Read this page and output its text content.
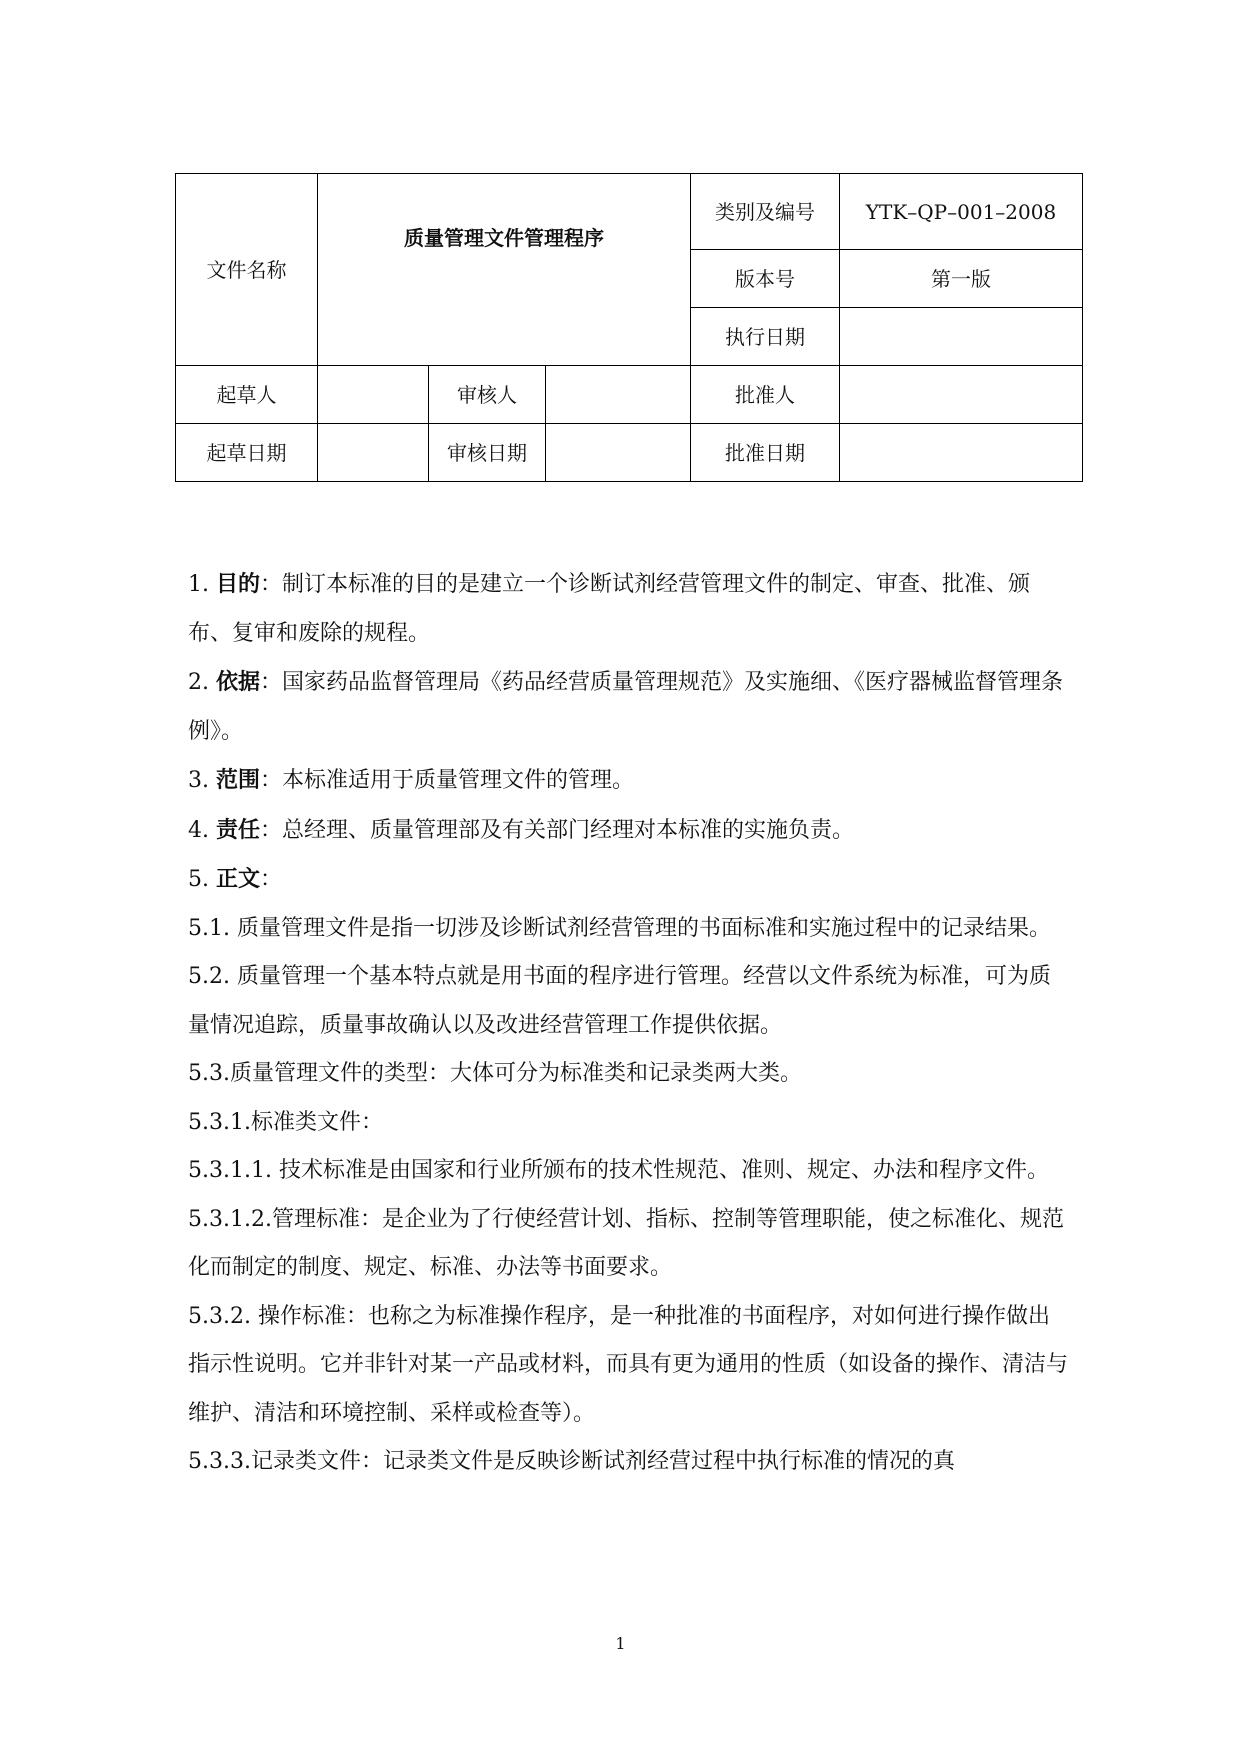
文件名称	质量管理文件管理程序			类别及编号	YTK–QP–001–2008
				版本号	第一版
				执行日期	
起草人		审核人		批准人	
起草日期		审核日期		批准日期	

1. 目的：制订本标准的目的是建立一个诊断试剂经营管理文件的制定、审查、批准、颁布、复审和废除的规程。

2. 依据：国家药品监督管理局《药品经营质量管理规范》及实施细、《医疗器械监督管理条例》。

3. 范围：本标准适用于质量管理文件的管理。

4. 责任：总经理、质量管理部及有关部门经理对本标准的实施负责。

5. 正文：

5.1. 质量管理文件是指一切涉及诊断试剂经营管理的书面标准和实施过程中的记录结果。

5.2. 质量管理一个基本特点就是用书面的程序进行管理。经营以文件系统为标准，可为质量情况追踪，质量事故确认以及改进经营管理工作提供依据。

5.3.质量管理文件的类型：大体可分为标准类和记录类两大类。

5.3.1.标准类文件：

5.3.1.1. 技术标准是由国家和行业所颁布的技术性规范、准则、规定、办法和程序文件。

5.3.1.2.管理标准：是企业为了行使经营计划、指标、控制等管理职能，使之标准化、规范化而制定的制度、规定、标准、办法等书面要求。

5.3.2. 操作标准：也称之为标准操作程序，是一种批准的书面程序，对如何进行操作做出指示性说明。它并非针对某一产品或材料，而具有更为通用的性质（如设备的操作、清洁与维护、清洁和环境控制、采样或检查等）。

5.3.3.记录类文件：记录类文件是反映诊断试剂经营过程中执行标准的情况的真

1
